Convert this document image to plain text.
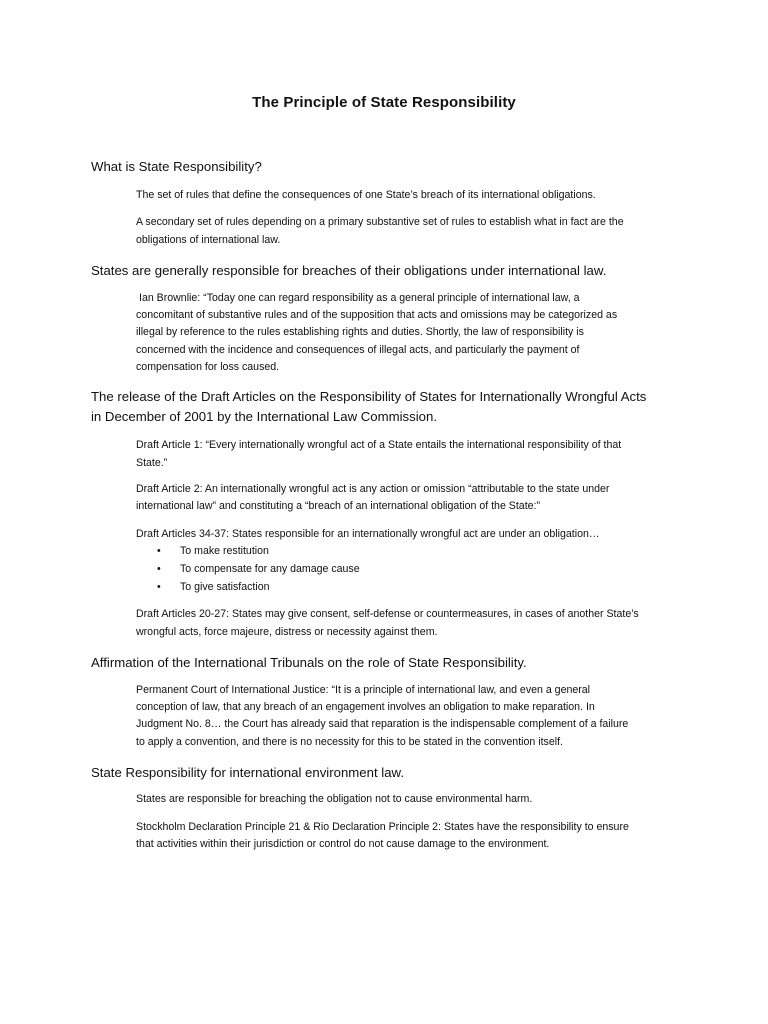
The Principle of State Responsibility
What is State Responsibility?
The set of rules that define the consequences of one State’s breach of its international obligations.
A secondary set of rules depending on a primary substantive set of rules to establish what in fact are the
obligations of international law.
States are generally responsible for breaches of their obligations under international law.
Ian Brownlie: “Today one can regard responsibility as a general principle of international law, a
concomitant of substantive rules and of the supposition that acts and omissions may be categorized as
illegal by reference to the rules establishing rights and duties. Shortly, the law of responsibility is
concerned with the incidence and consequences of illegal acts, and particularly the payment of
compensation for loss caused.
The release of the Draft Articles on the Responsibility of States for Internationally Wrongful Acts
in December of 2001 by the International Law Commission.
Draft Article 1: “Every internationally wrongful act of a State entails the international responsibility of that
State.”
Draft Article 2: An internationally wrongful act is any action or omission “attributable to the state under
international law” and constituting a “breach of an international obligation of the State:”
Draft Articles 34-37: States responsible for an internationally wrongful act are under an obligation…
• To make restitution
• To compensate for any damage cause
• To give satisfaction
Draft Articles 20-27: States may give consent, self-defense or countermeasures, in cases of another State’s
wrongful acts, force majeure, distress or necessity against them.
Affirmation of the International Tribunals on the role of State Responsibility.
Permanent Court of International Justice: “It is a principle of international law, and even a general
conception of law, that any breach of an engagement involves an obligation to make reparation. In
Judgment No. 8… the Court has already said that reparation is the indispensable complement of a failure
to apply a convention, and there is no necessity for this to be stated in the convention itself.
State Responsibility for international environment law.
States are responsible for breaching the obligation not to cause environmental harm.
Stockholm Declaration Principle 21 & Rio Declaration Principle 2: States have the responsibility to ensure
that activities within their jurisdiction or control do not cause damage to the environment.
